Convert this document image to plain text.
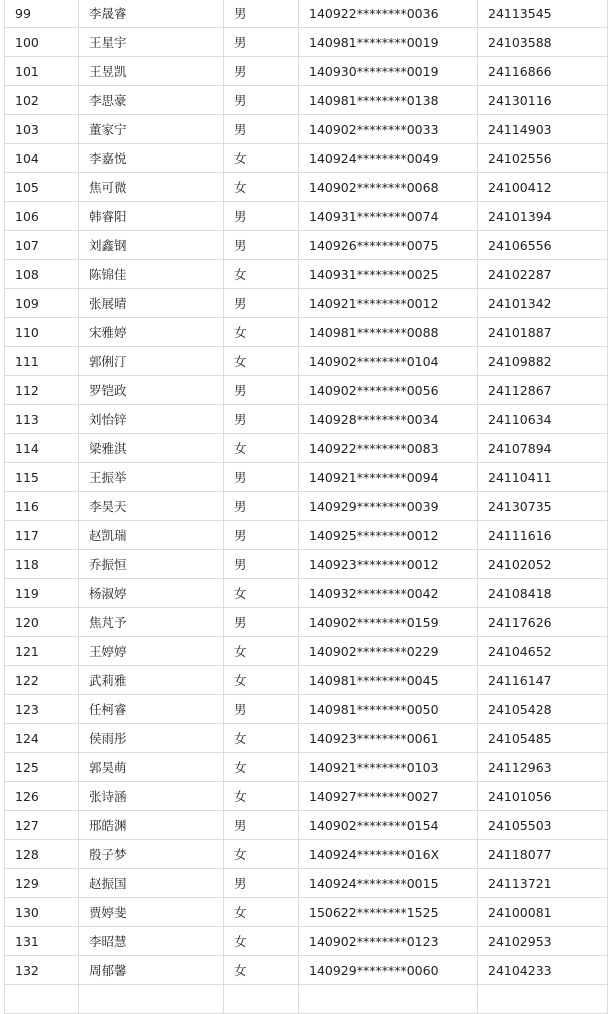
99	李晟睿	男	140922********0036	24113545
100	王星宇	男	140981********0019	24103588
101	王昱凯	男	140930********0019	24116866
102	李思豪	男	140981********0138	24130116
103	董家宁	男	140902********0033	24114903
104	李嘉悦	女	140924********0049	24102556
105	焦可微	女	140902********0068	24100412
106	韩睿阳	男	140931********0074	24101394
107	刘鑫钢	男	140926********0075	24106556
108	陈锦佳	女	140931********0025	24102287
109	张展晴	男	140921********0012	24101342
110	宋雅婷	女	140981********0088	24101887
111	郭俐汀	女	140902********0104	24109882
112	罗铠政	男	140902********0056	24112867
113	刘怡锌	男	140928********0034	24110634
114	梁雅淇	女	140922********0083	24107894
115	王振举	男	140921********0094	24110411
116	李昊天	男	140929********0039	24130735
117	赵凯瑞	男	140925********0012	24111616
118	乔振恒	男	140923********0012	24102052
119	杨淑婷	女	140932********0042	24108418
120	焦芃予	男	140902********0159	24117626
121	王婷婷	女	140902********0229	24104652
122	武莉雅	女	140981********0045	24116147
123	任柯睿	男	140981********0050	24105428
124	侯雨彤	女	140923********0061	24105485
125	郭昊萌	女	140921********0103	24112963
126	张诗涵	女	140927********0027	24101056
127	邢皓渊	男	140902********0154	24105503
128	殷子梦	女	140924********016X	24118077
129	赵振国	男	140924********0015	24113721
130	贾婷斐	女	150622********1525	24100081
131	李昭慧	女	140902********0123	24102953
132	周郁馨	女	140929********0060	24104233
